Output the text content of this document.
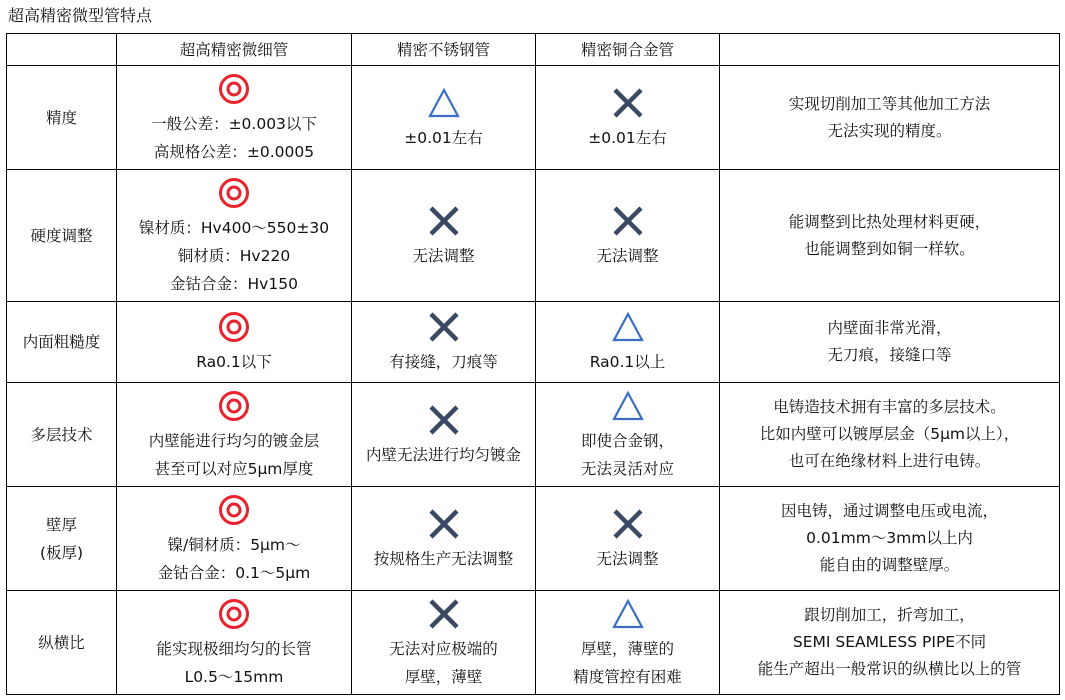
超高精密微型管特点
	超高精密微细管	精密不锈钢管	精密铜合金管	

精度	一般公差：±0.003以下
高规格公差：±0.0005	±0.01左右	±0.01左右	实现切削加工等其他加工方法
无法实现的精度。

硬度调整	镍材质：Hv400～550±30
铜材质：Hv220
金钴合金：Hv150	无法调整	无法调整	能调整到比热处理材料更硬，
也能调整到如铜一样软。

内面粗糙度	Ra0.1以下	有接缝，刀痕等	Ra0.1以上	内壁面非常光滑，
无刀痕，接缝口等

多层技术	内壁能进行均匀的镀金层
甚至可以对应5μm厚度	内壁无法进行均匀镀金	即使合金钢，
无法灵活对应	电铸造技术拥有丰富的多层技术。
比如内壁可以镀厚层金（5μm以上），
也可在绝缘材料上进行电铸。

壁厚
(板厚)	镍/铜材质：5μm～
金钴合金：0.1～5μm	按规格生产无法调整	无法调整	因电铸，通过调整电压或电流，
0.01mm～3mm以上内
能自由的调整壁厚。

纵横比	能实现极细均匀的长管
L0.5～15mm	无法对应极端的
厚壁，薄壁	厚壁，薄壁的
精度管控有困难	跟切削加工，折弯加工，
SEMI SEAMLESS PIPE不同
能生产超出一般常识的纵横比以上的管
